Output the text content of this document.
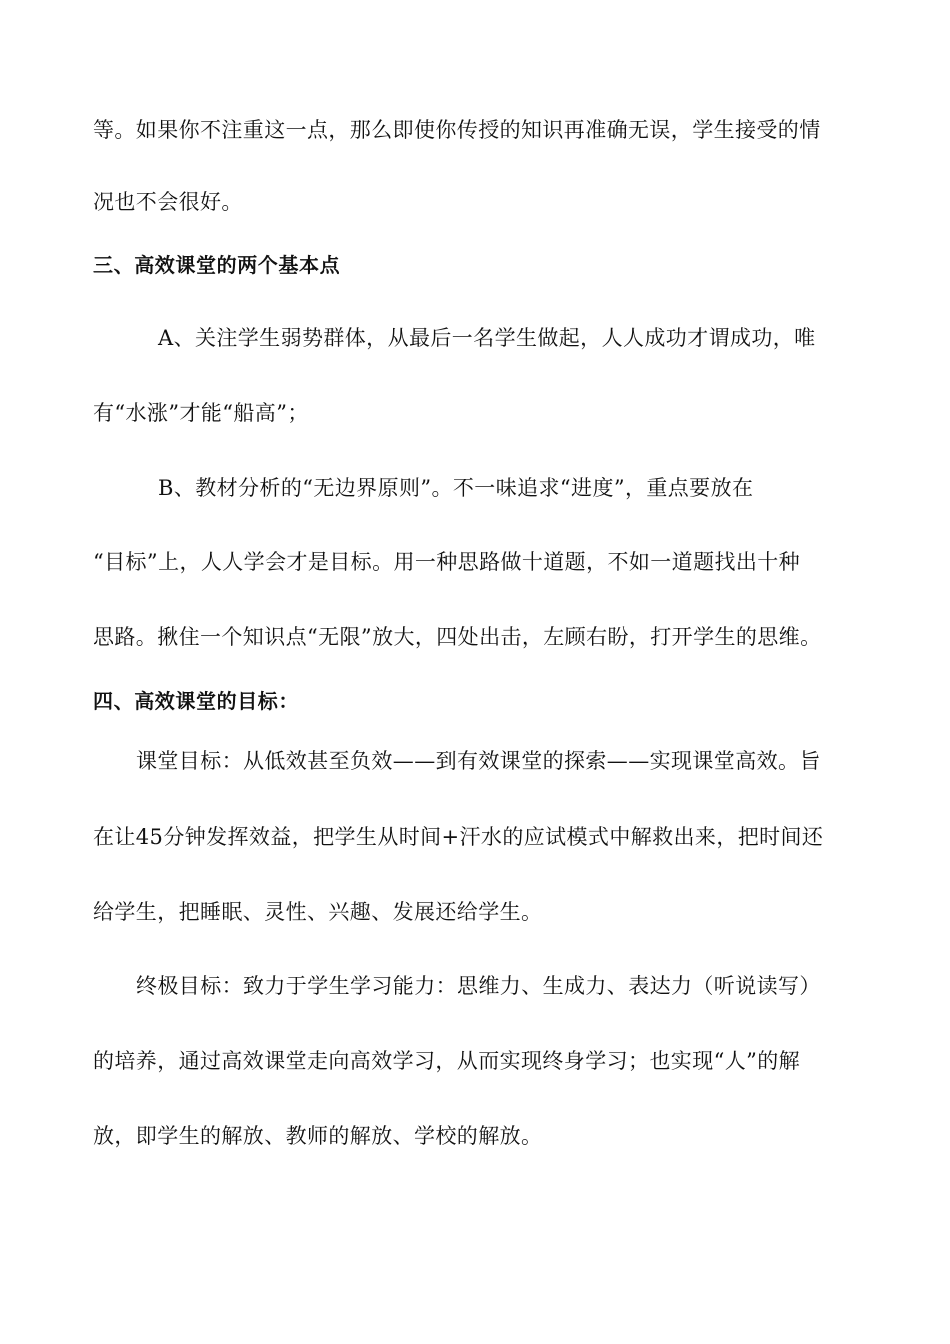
等。如果你不注重这一点，那么即使你传授的知识再准确无误，学生接受的情
况也不会很好。
三、高效课堂的两个基本点
A、关注学生弱势群体，从最后一名学生做起，人人成功才谓成功，唯
有“水涨”才能“船高”；
B、教材分析的“无边界原则”。不一味追求“进度”，重点要放在
“目标”上，人人学会才是目标。用一种思路做十道题，不如一道题找出十种
思路。揪住一个知识点“无限”放大，四处出击，左顾右盼，打开学生的思维。
四、高效课堂的目标：
课堂目标：从低效甚至负效——到有效课堂的探索——实现课堂高效。旨
在让45分钟发挥效益，把学生从时间+汗水的应试模式中解救出来，把时间还
给学生，把睡眠、灵性、兴趣、发展还给学生。
终极目标：致力于学生学习能力：思维力、生成力、表达力（听说读写）
的培养，通过高效课堂走向高效学习，从而实现终身学习；也实现“人”的解
放，即学生的解放、教师的解放、学校的解放。
